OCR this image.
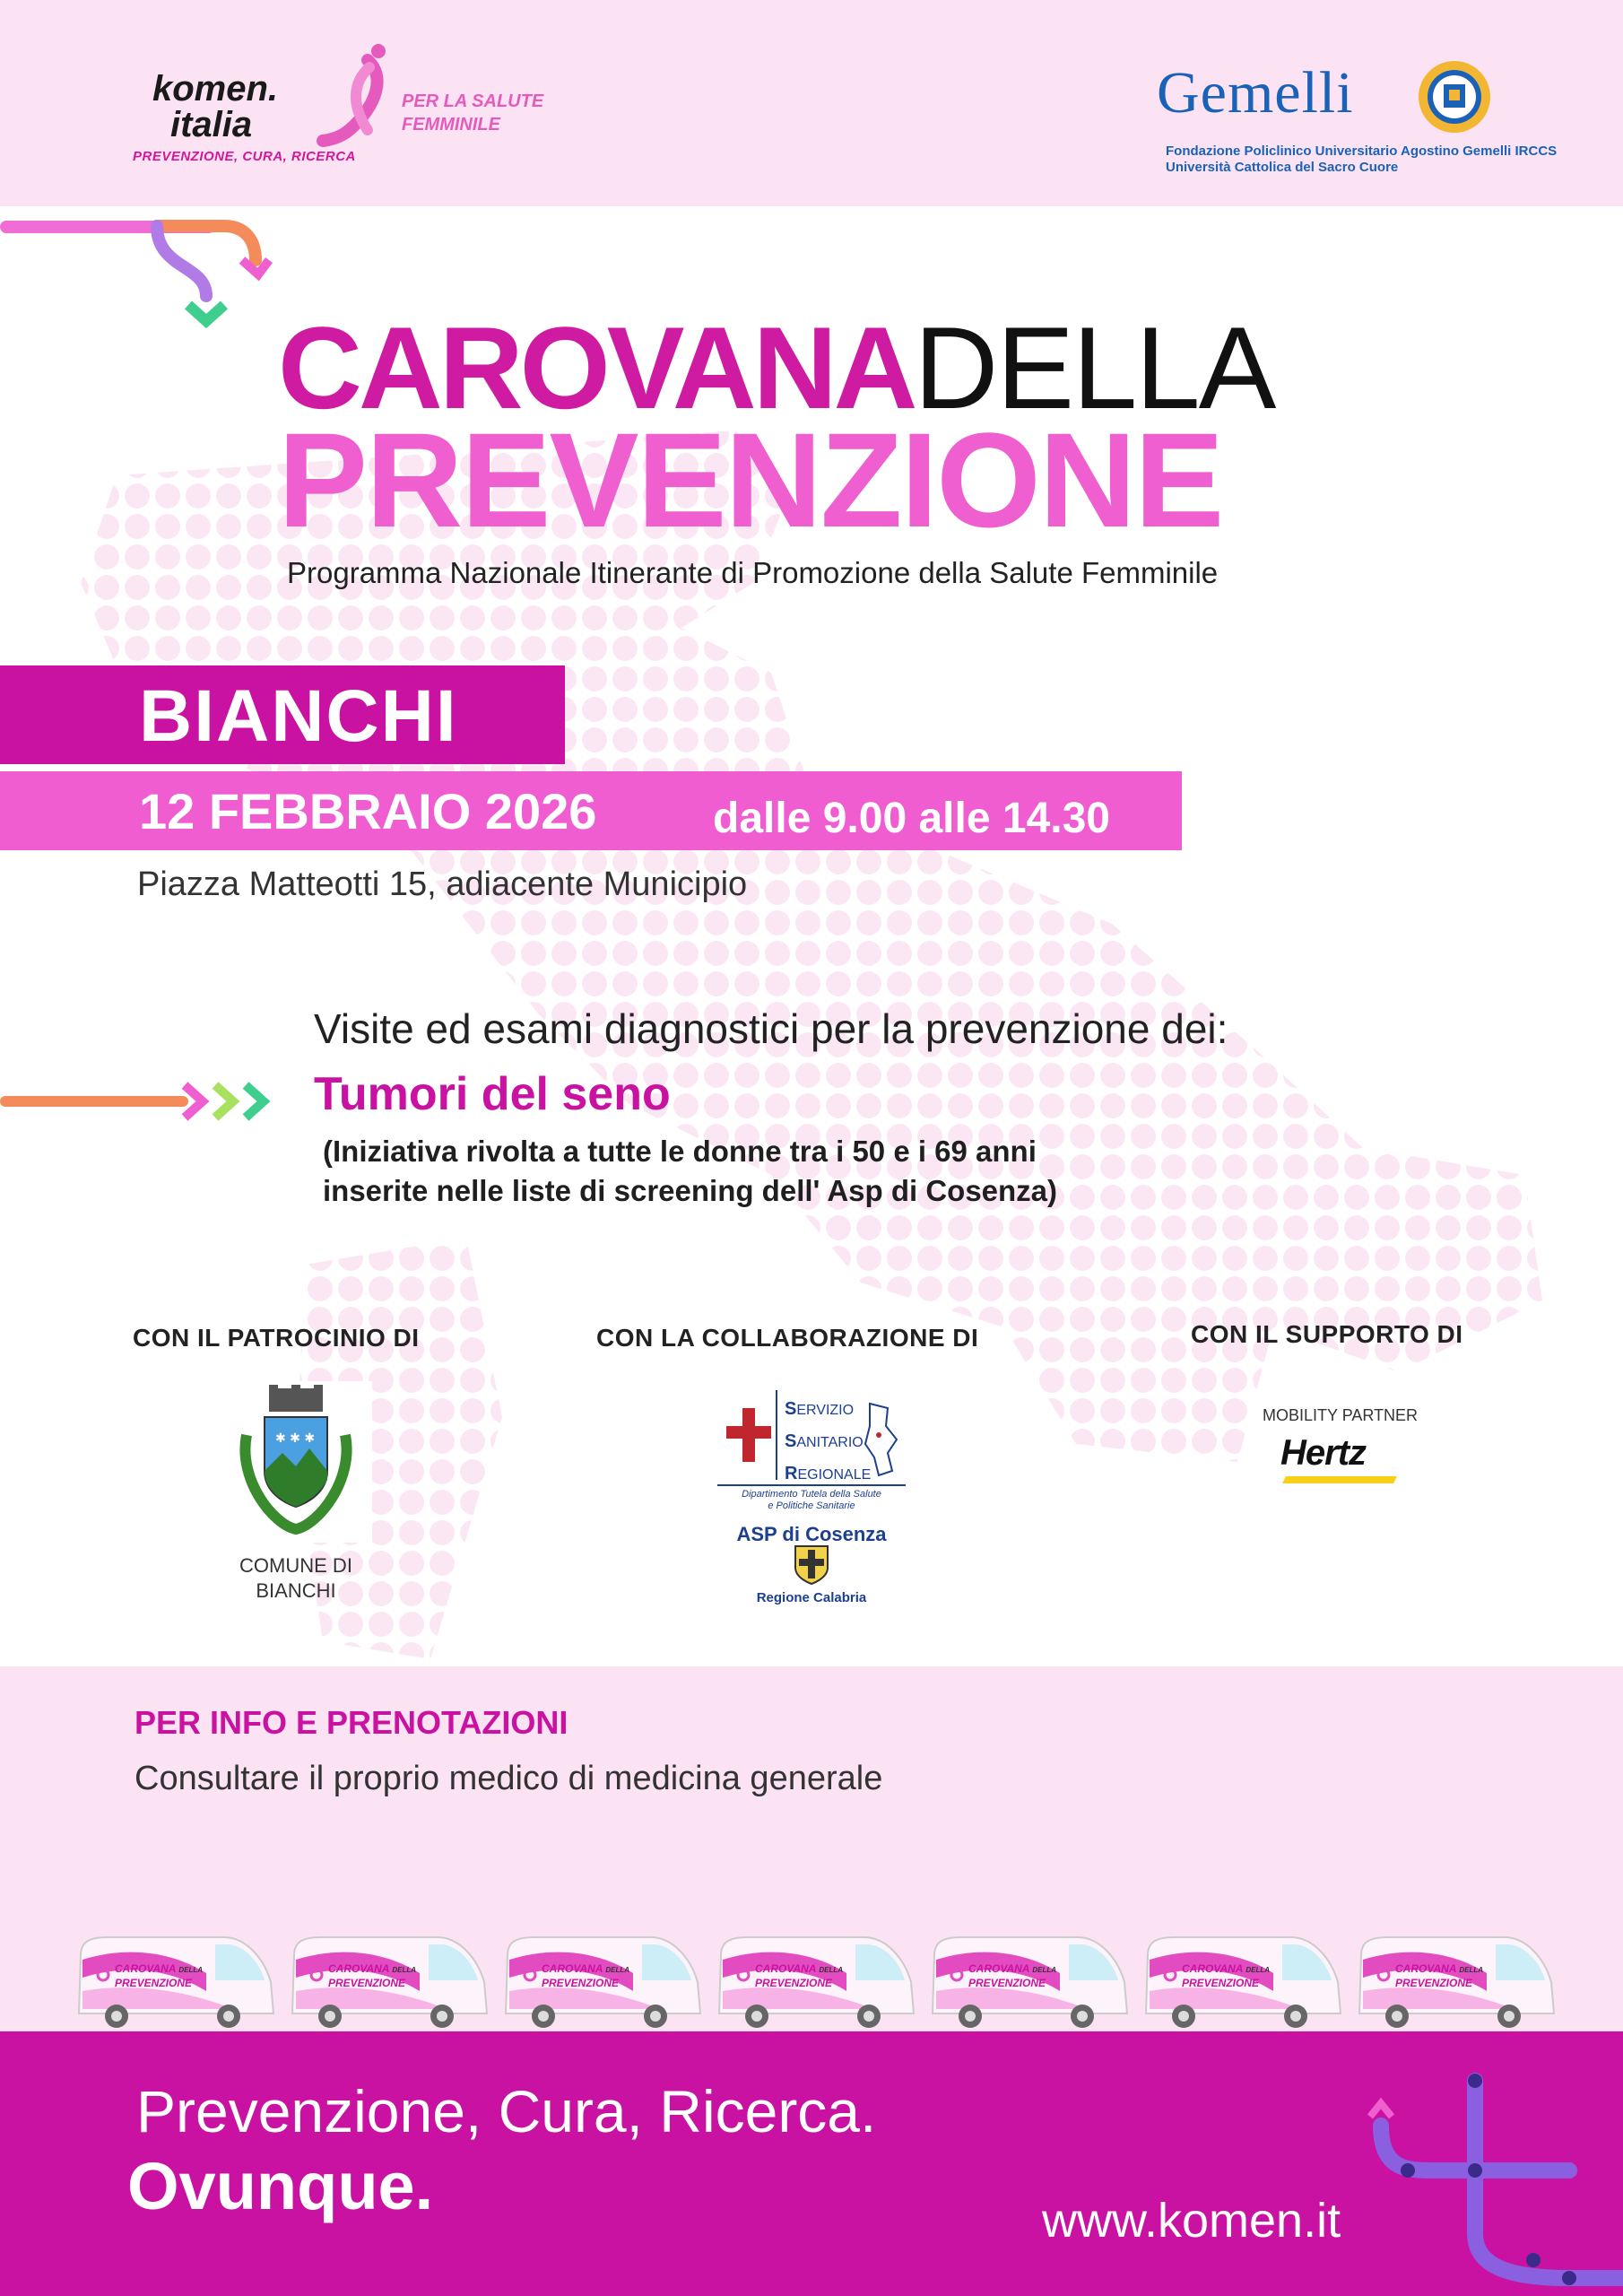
komen.
italia
PREVENZIONE, CURA, RICERCA
PER LA SALUTE
FEMMINILE	Gemelli
Fondazione Policlinico Universitario Agostino Gemelli IRCCS
Università Cattolica del Sacro Cuore
CAROVANADELLA
PREVENZIONE
Programma Nazionale Itinerante di Promozione della Salute Femminile
BIANCHI
12 FEBBRAIO 2026	dalle 9.00 alle 14.30
Piazza Matteotti 15, adiacente Municipio
Visite ed esami diagnostici per la prevenzione dei:
Tumori del seno
(Iniziativa rivolta a tutte le donne tra i 50 e i 69 anni
inserite nelle liste di screening dell' Asp di Cosenza)
CON IL PATROCINIO DI	CON LA COLLABORAZIONE DI	CON IL SUPPORTO DI
✱ ✱ ✱
COMUNE DI
BIANCHI
SERVIZIO
SANITARIO
REGIONALE
Dipartimento Tutela della Salute
e Politiche Sanitarie
ASP di Cosenza
Regione Calabria
MOBILITY PARTNER
Hertz
PER INFO E PRENOTAZIONI
Consultare il proprio medico di medicina generale
CAROVANA DELLA
PREVENZIONE
CAROVANA DELLA
PREVENZIONE
CAROVANA DELLA
PREVENZIONE
CAROVANA DELLA
PREVENZIONE
CAROVANA DELLA
PREVENZIONE
CAROVANA DELLA
PREVENZIONE
CAROVANA DELLA
PREVENZIONE
Prevenzione, Cura, Ricerca.
Ovunque.	www.komen.it
